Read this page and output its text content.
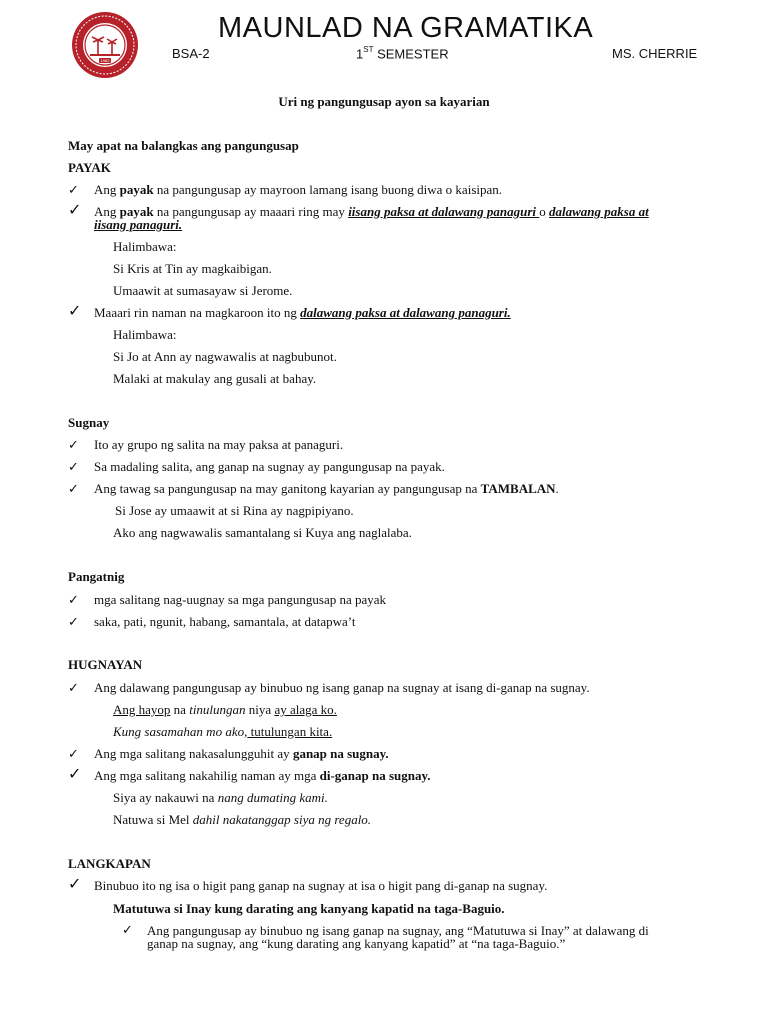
1982
MAUNLAD NA GRAMATIKA
BSA-2	1ST SEMESTER	MS. CHERRIE
Uri ng pangungusap ayon sa kayarian
May apat na balangkas ang pangungusap
PAYAK
✓	Ang payak na pangungusap ay mayroon lamang isang buong diwa o kaisipan.
✓ Ang payak na pangungusap ay maaari ring may iisang paksa at dalawang panaguri o dalawang paksa at
iisang panaguri.
Halimbawa:
Si Kris at Tin ay magkaibigan.
Umaawit at sumasayaw si Jerome.
✓ Maaari rin naman na magkaroon ito ng dalawang paksa at dalawang panaguri.
Halimbawa:
Si Jo at Ann ay nagwawalis at nagbubunot.
Malaki at makulay ang gusali at bahay.
Sugnay
✓	Ito ay grupo ng salita na may paksa at panaguri.
✓	Sa madaling salita, ang ganap na sugnay ay pangungusap na payak.
✓	Ang tawag sa pangungusap na may ganitong kayarian ay pangungusap na TAMBALAN.
Si Jose ay umaawit at si Rina ay nagpipiyano.
Ako ang nagwawalis samantalang si Kuya ang naglalaba.
Pangatnig
✓	mga salitang nag-uugnay sa mga pangungusap na payak
✓	saka, pati, ngunit, habang, samantala, at datapwa’t
HUGNAYAN
✓	Ang dalawang pangungusap ay binubuo ng isang ganap na sugnay at isang di-ganap na sugnay.
Ang hayop na tinulungan niya ay alaga ko.
Kung sasamahan mo ako, tutulungan kita.
✓	Ang mga salitang nakasalungguhit ay ganap na sugnay.
✓ Ang mga salitang nakahilig naman ay mga di-ganap na sugnay.
Siya ay nakauwi na nang dumating kami.
Natuwa si Mel dahil nakatanggap siya ng regalo.
LANGKAPAN
✓ Binubuo ito ng isa o higit pang ganap na sugnay at isa o higit pang di-ganap na sugnay.
Matutuwa si Inay kung darating ang kanyang kapatid na taga-Baguio.
✓	Ang pangungusap ay binubuo ng isang ganap na sugnay, ang “Matutuwa si Inay” at dalawang di
ganap na sugnay, ang “kung darating ang kanyang kapatid” at “na taga-Baguio.”
